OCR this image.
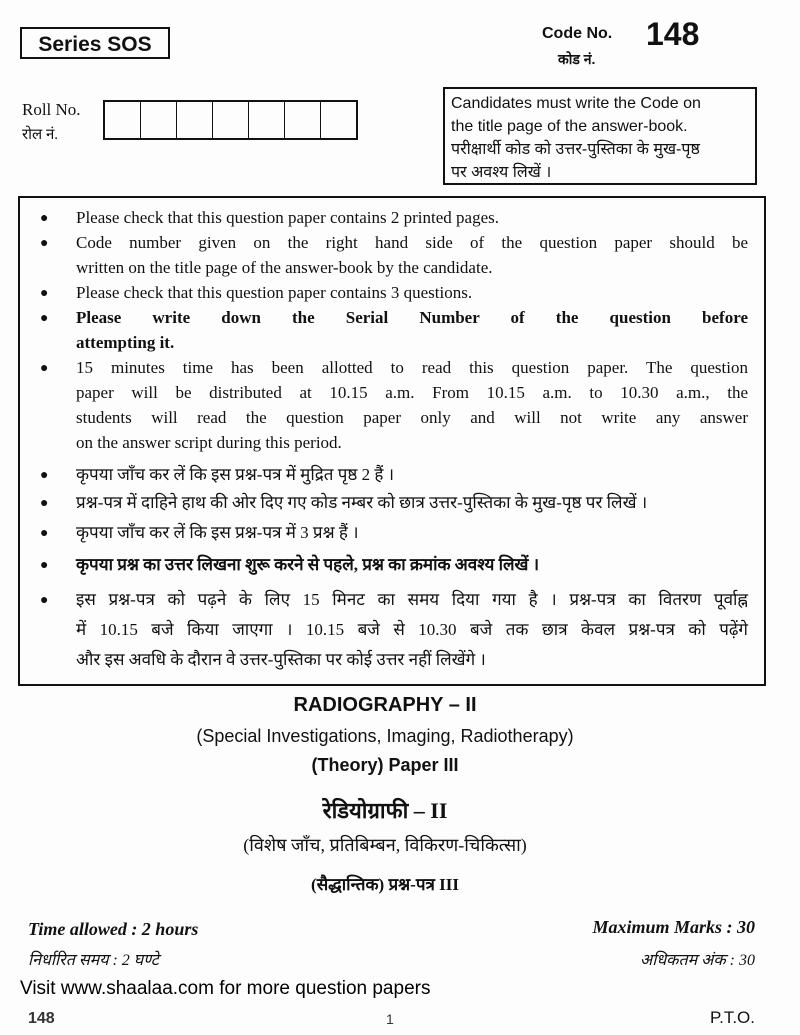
Series SOS	Code No. 148
कोड नं.
Roll No.
रोल नं.
Candidates must write the Code on
the title page of the answer-book.
परीक्षार्थी कोड को उत्तर-पुस्तिका के मुख-पृष्ठ
पर अवश्य लिखें ।
● Please check that this question paper contains 2 printed pages.
● Code number given on the right hand side of the question paper should be
written on the title page of the answer-book by the candidate.
● Please check that this question paper contains 3 questions.
● Please write down the Serial Number of the question before
attempting it.
● 15 minutes time has been allotted to read this question paper. The question
paper will be distributed at 10.15 a.m. From 10.15 a.m. to 10.30 a.m., the
students will read the question paper only and will not write any answer
on the answer script during this period.
● कृपया जाँच कर लें कि इस प्रश्न-पत्र में मुद्रित पृष्ठ 2 हैं ।
● प्रश्न-पत्र में दाहिने हाथ की ओर दिए गए कोड नम्बर को छात्र उत्तर-पुस्तिका के मुख-पृष्ठ पर लिखें ।
● कृपया जाँच कर लें कि इस प्रश्न-पत्र में 3 प्रश्न हैं ।
● कृपया प्रश्न का उत्तर लिखना शुरू करने से पहले, प्रश्न का क्रमांक अवश्य लिखें ।
● इस प्रश्न-पत्र को पढ़ने के लिए 15 मिनट का समय दिया गया है । प्रश्न-पत्र का वितरण पूर्वाह्न
में 10.15 बजे किया जाएगा । 10.15 बजे से 10.30 बजे तक छात्र केवल प्रश्न-पत्र को पढ़ेंगे
और इस अवधि के दौरान वे उत्तर-पुस्तिका पर कोई उत्तर नहीं लिखेंगे ।
RADIOGRAPHY – II
(Special Investigations, Imaging, Radiotherapy)
(Theory) Paper III
रेडियोग्राफी – II
(विशेष जाँच, प्रतिबिम्बन, विकिरण-चिकित्सा)
(सैद्धान्तिक) प्रश्न-पत्र III
Time allowed : 2 hours
निर्धारित समय : 2 घण्टे
Maximum Marks : 30
अधिकतम अंक : 30
Visit www.shaalaa.com for more question papers
148	1	P.T.O.
